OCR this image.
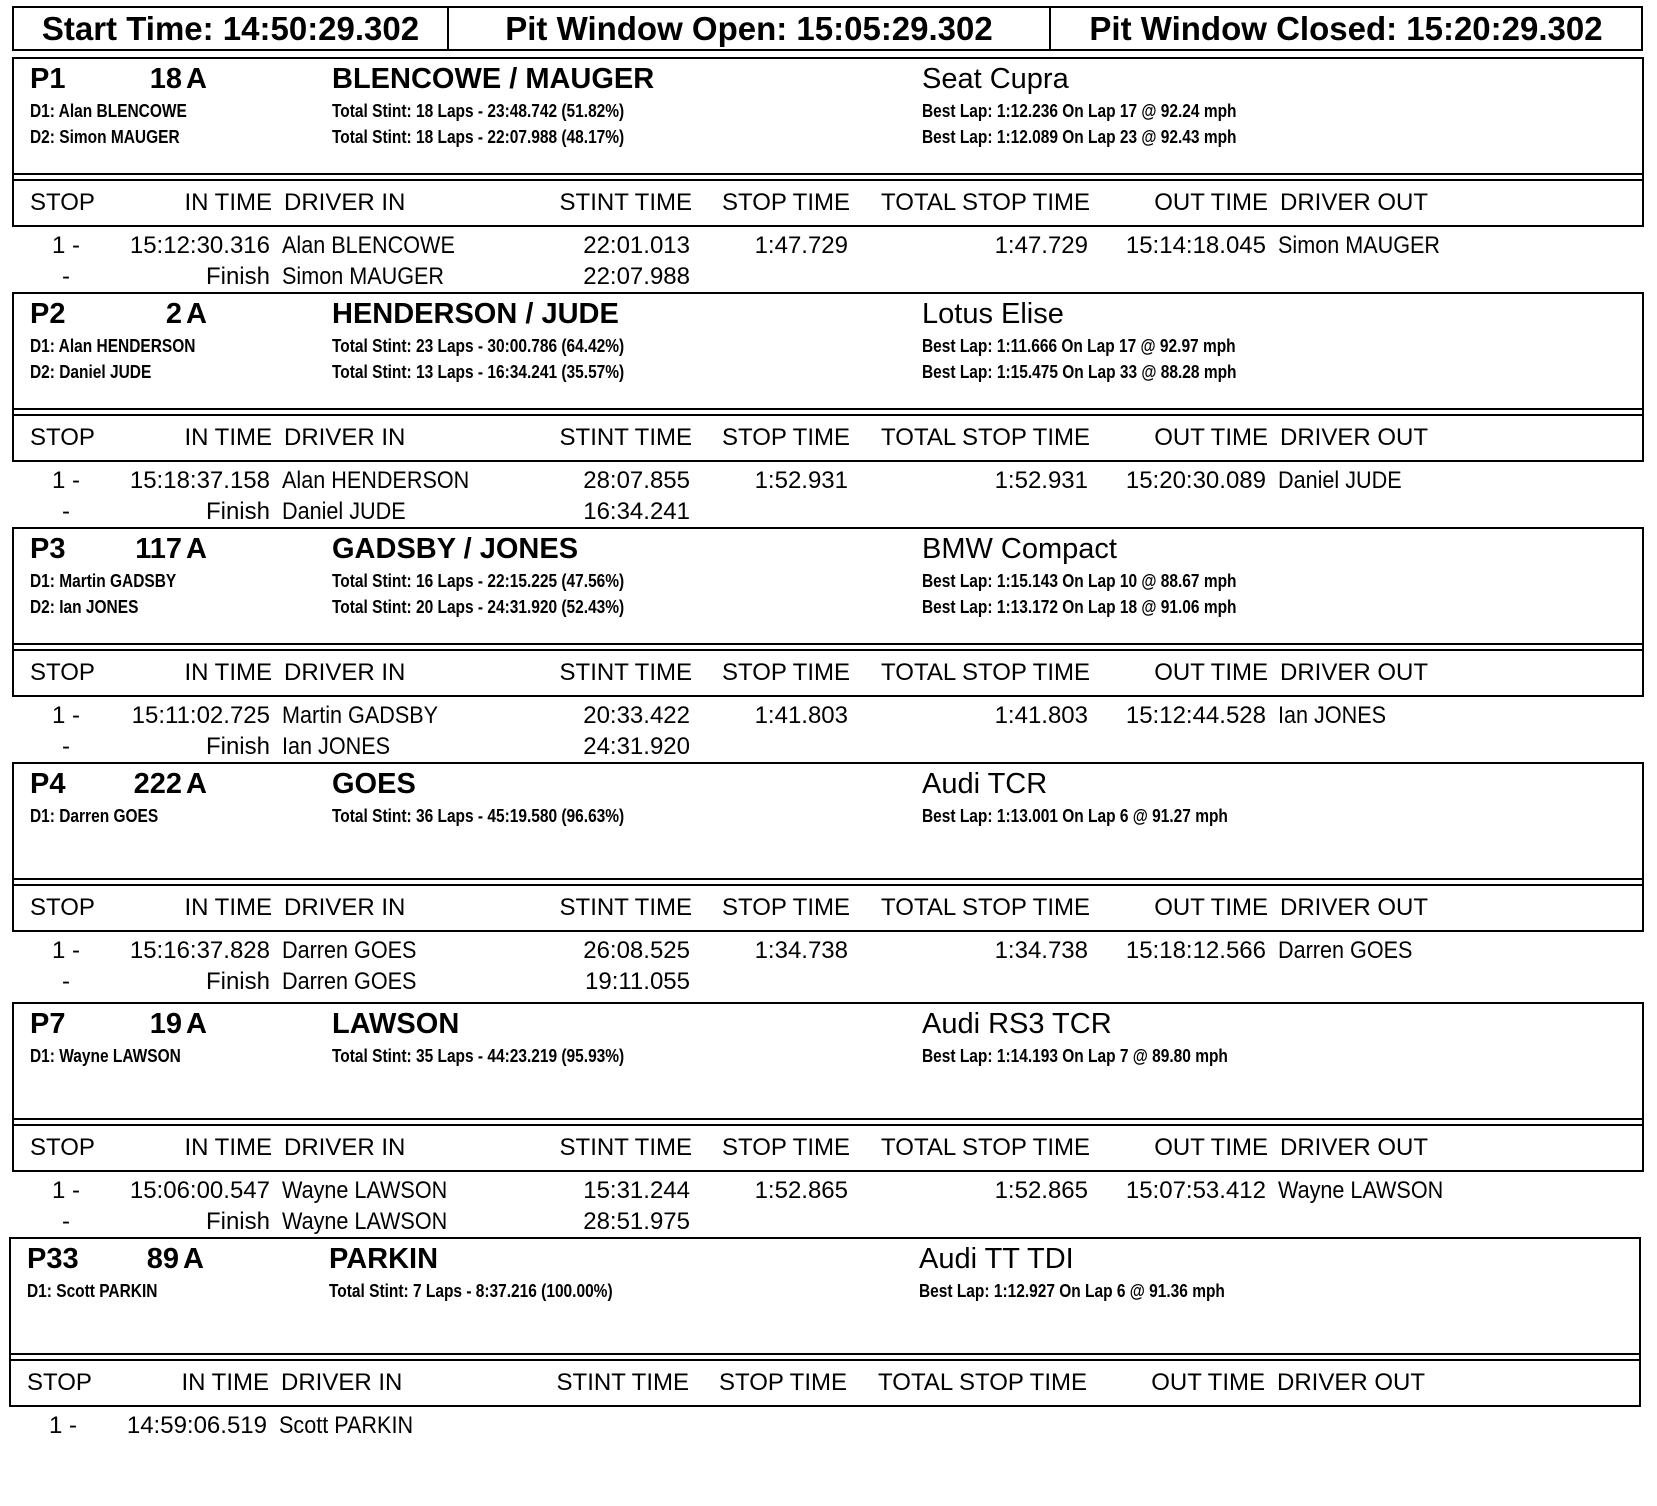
Start Time: 14:50:29.302	Pit Window Open: 15:05:29.302	Pit Window Closed: 15:20:29.302
P1	18 A	BLENCOWE / MAUGER	Seat Cupra
D1: Alan BLENCOWE
D2: Simon MAUGER
Total Stint: 18 Laps - 23:48.742 (51.82%)
Total Stint: 18 Laps - 22:07.988 (48.17%)
Best Lap: 1:12.236 On Lap 17 @ 92.24 mph
Best Lap: 1:12.089 On Lap 23 @ 92.43 mph
STOP	IN TIME DRIVER IN	STINT TIME	STOP TIME	TOTAL STOP TIME	OUT TIME DRIVER OUT
1 -	15:12:30.316 Alan BLENCOWE	22:01.013	1:47.729	1:47.729	15:14:18.045 Simon MAUGER
-	Finish Simon MAUGER	22:07.988
P2	2 A	HENDERSON / JUDE	Lotus Elise
D1: Alan HENDERSON
D2: Daniel JUDE
Total Stint: 23 Laps - 30:00.786 (64.42%)
Total Stint: 13 Laps - 16:34.241 (35.57%)
Best Lap: 1:11.666 On Lap 17 @ 92.97 mph
Best Lap: 1:15.475 On Lap 33 @ 88.28 mph
STOP	IN TIME DRIVER IN	STINT TIME	STOP TIME	TOTAL STOP TIME	OUT TIME DRIVER OUT
1 -	15:18:37.158 Alan HENDERSON	28:07.855	1:52.931	1:52.931	15:20:30.089 Daniel JUDE
-	Finish Daniel JUDE	16:34.241
P3	117 A	GADSBY / JONES	BMW Compact
D1: Martin GADSBY
D2: Ian JONES
Total Stint: 16 Laps - 22:15.225 (47.56%)
Total Stint: 20 Laps - 24:31.920 (52.43%)
Best Lap: 1:15.143 On Lap 10 @ 88.67 mph
Best Lap: 1:13.172 On Lap 18 @ 91.06 mph
STOP	IN TIME DRIVER IN	STINT TIME	STOP TIME	TOTAL STOP TIME	OUT TIME DRIVER OUT
1 -	15:11:02.725 Martin GADSBY	20:33.422	1:41.803	1:41.803	15:12:44.528 Ian JONES
-	Finish Ian JONES	24:31.920
P4	222 A	GOES	Audi TCR
D1: Darren GOES	Total Stint: 36 Laps - 45:19.580 (96.63%)	Best Lap: 1:13.001 On Lap 6 @ 91.27 mph
STOP	IN TIME DRIVER IN	STINT TIME	STOP TIME	TOTAL STOP TIME	OUT TIME DRIVER OUT
1 -	15:16:37.828 Darren GOES	26:08.525	1:34.738	1:34.738	15:18:12.566 Darren GOES
-	Finish Darren GOES	19:11.055
P7	19 A	LAWSON	Audi RS3 TCR
D1: Wayne LAWSON	Total Stint: 35 Laps - 44:23.219 (95.93%)	Best Lap: 1:14.193 On Lap 7 @ 89.80 mph
STOP	IN TIME DRIVER IN	STINT TIME	STOP TIME	TOTAL STOP TIME	OUT TIME DRIVER OUT
1 -	15:06:00.547 Wayne LAWSON	15:31.244	1:52.865	1:52.865	15:07:53.412 Wayne LAWSON
-	Finish Wayne LAWSON	28:51.975
P33	89 A	PARKIN	Audi TT TDI
D1: Scott PARKIN	Total Stint: 7 Laps - 8:37.216 (100.00%)	Best Lap: 1:12.927 On Lap 6 @ 91.36 mph
STOP	IN TIME DRIVER IN	STINT TIME	STOP TIME	TOTAL STOP TIME	OUT TIME DRIVER OUT
1 -	14:59:06.519 Scott PARKIN
